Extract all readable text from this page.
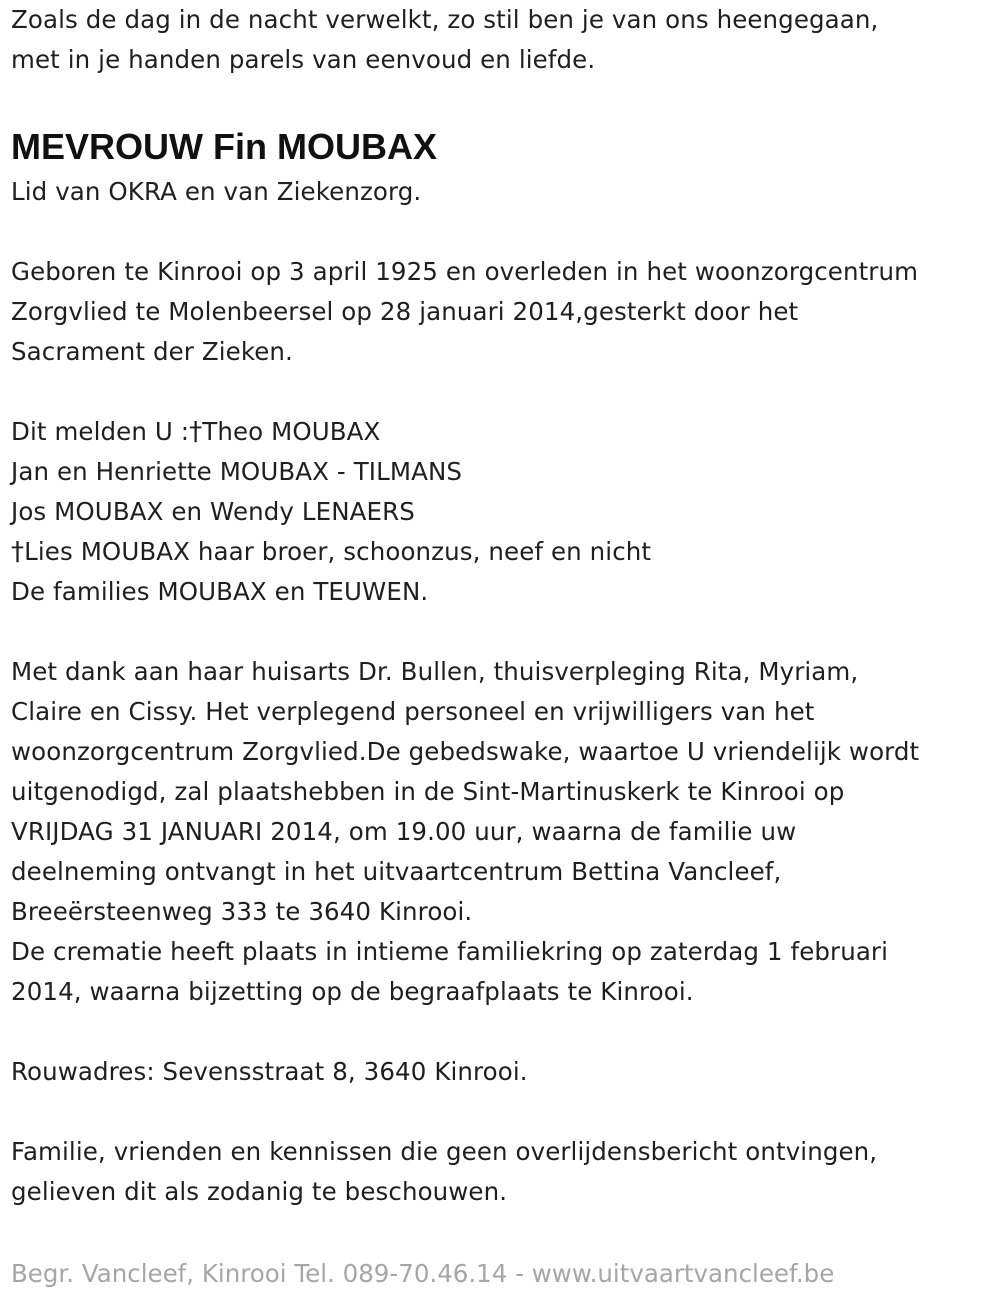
Zoals de dag in de nacht verwelkt, zo stil ben je van ons heengegaan,
met in je handen parels van eenvoud en liefde.
MEVROUW Fin MOUBAX
Lid van OKRA en van Ziekenzorg.
Geboren te Kinrooi op 3 april 1925 en overleden in het woonzorgcentrum
Zorgvlied te Molenbeersel op 28 januari 2014,gesterkt door het
Sacrament der Zieken.
Dit melden U :†Theo MOUBAX
Jan en Henriette MOUBAX - TILMANS
Jos MOUBAX en Wendy LENAERS
†Lies MOUBAX haar broer, schoonzus, neef en nicht
De families MOUBAX en TEUWEN.
Met dank aan haar huisarts Dr. Bullen, thuisverpleging Rita, Myriam,
Claire en Cissy. Het verplegend personeel en vrijwilligers van het
woonzorgcentrum Zorgvlied.De gebedswake, waartoe U vriendelijk wordt
uitgenodigd, zal plaatshebben in de Sint-Martinuskerk te Kinrooi op
VRIJDAG 31 JANUARI 2014, om 19.00 uur, waarna de familie uw
deelneming ontvangt in het uitvaartcentrum Bettina Vancleef,
Breeërsteenweg 333 te 3640 Kinrooi.
De crematie heeft plaats in intieme familiekring op zaterdag 1 februari
2014, waarna bijzetting op de begraafplaats te Kinrooi.
Rouwadres: Sevensstraat 8, 3640 Kinrooi.
Familie, vrienden en kennissen die geen overlijdensbericht ontvingen,
gelieven dit als zodanig te beschouwen.
Begr. Vancleef, Kinrooi Tel. 089-70.46.14 - www.uitvaartvancleef.be
